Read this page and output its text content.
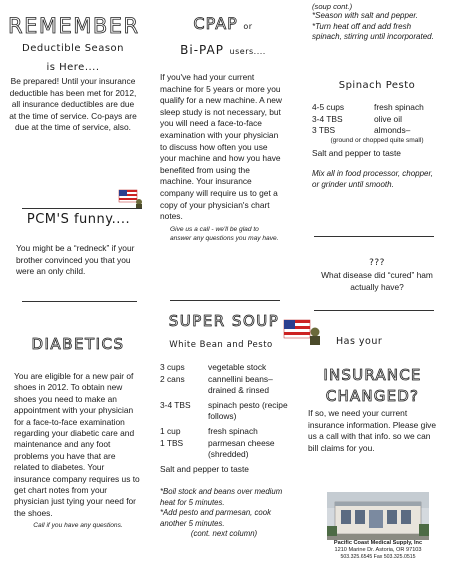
REMEMBER
Deductible Season
is Here....
Be prepared! Until your insurance deductible has been met for 2012, all insurance deductibles are due at the time of service. Co-pays are due at the time of service, also.
PCM'S funny....
You might be a “redneck” if your brother convinced you that you were an only child.
DIABETICS
You are eligible for a new pair of shoes in 2012. To obtain new shoes you need to make an appointment with your physician for a face-to-face examination regarding your diabetic care and maintenance and any foot problems you have that are related to diabetes. Your insurance company requires us to get chart notes from your physician just tying your need for the shoes.
Call if you have any questions.
CPAP or
Bi-PAP users....
If you've had your current machine for 5 years or more you qualify for a new machine. A new sleep study is not necessary, but you will need a face-to-face examination with your physician to discuss how often you use your machine and how you have benefited from using the machine. Your insurance company will require us to get a copy of your physician's chart notes.
Give us a call - we'll be glad to answer any questions you may have.
SUPER SOUP
White Bean and Pesto
3 cups	vegetable stock
2 cans	cannellini beans– drained & rinsed
3-4 TBS	spinach pesto (recipe follows)
1 cup	fresh spinach
1 TBS	parmesan cheese (shredded)
Salt and pepper to taste
*Boil stock and beans over medium heat for 5 minutes.
*Add pesto and parmesan, cook another 5 minutes.
(cont. next column)
(soup cont.)
*Season with salt and pepper.
*Turn heat off and add fresh spinach, stirring until incorporated.
Spinach Pesto
4-5 cups	fresh spinach
3-4 TBS	olive oil
3 TBS	almonds–
(ground or chopped quite small)
Salt and pepper to taste
Mix all in food processor, chopper, or grinder until smooth.
???
What disease did “cured” ham actually have?
Has your
INSURANCE
CHANGED?
If so, we need your current insurance information. Please give us a call with that info. so we can bill claims for you.
Pacific Coast Medical Supply, Inc
1210 Marine Dr. Astoria, OR 97103
503.325.6545 Fax 503.325.0515
